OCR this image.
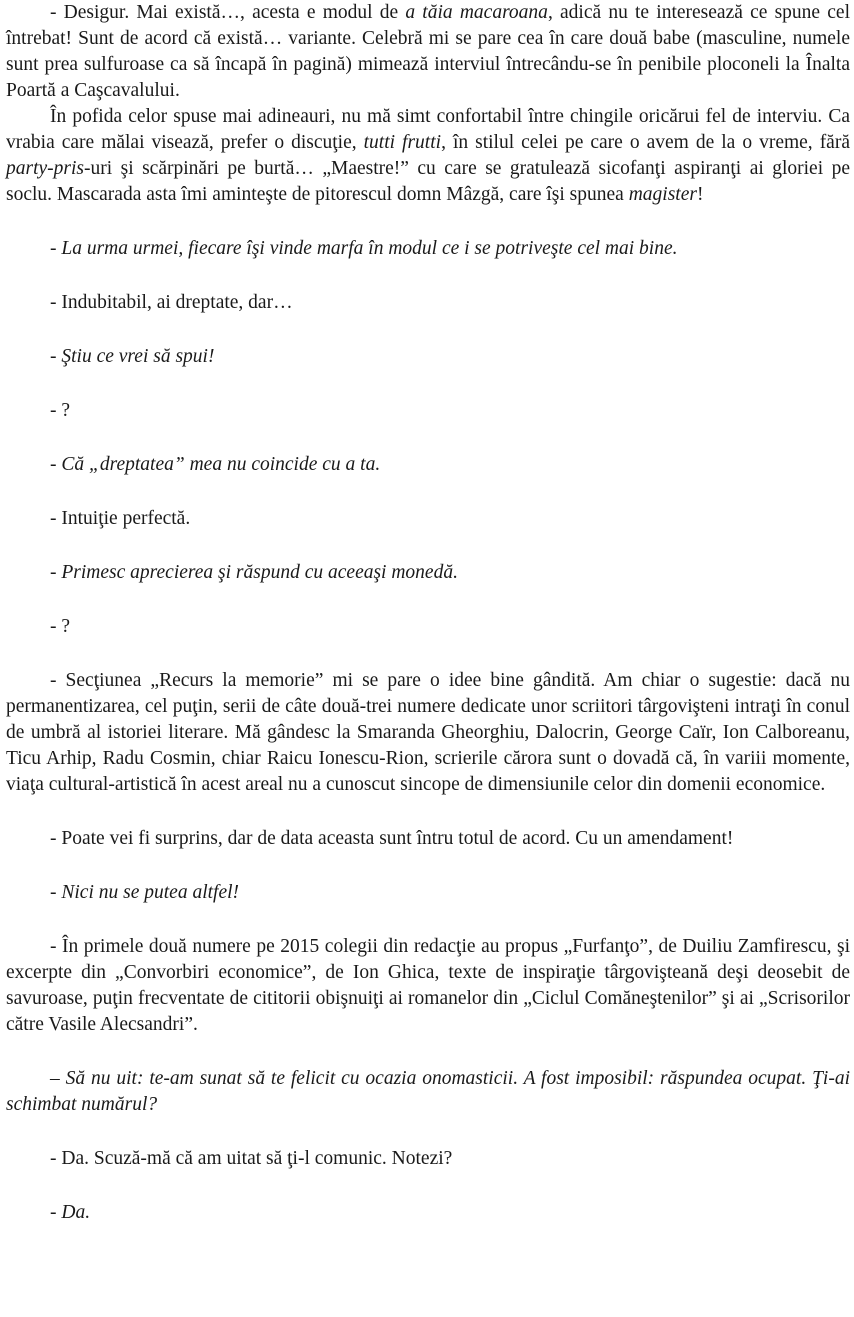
- Desigur. Mai există…, acesta e modul de a tăia macaroana, adică nu te interesează ce spune cel întrebat! Sunt de acord că există… variante. Celebră mi se pare cea în care două babe (masculine, numele sunt prea sulfuroase ca să încapă în pagină) mimează interviul întrecându-se în penibile ploconeli la Înalta Poartă a Caşcavalului.

În pofida celor spuse mai adineauri, nu mă simt confortabil între chingile oricărui fel de interviu. Ca vrabia care mălai visează, prefer o discuţie, tutti frutti, în stilul celei pe care o avem de la o vreme, fără party-pris-uri şi scărpinări pe burtă… „Maestre!” cu care se gratulează sicofanţi aspiranţi ai gloriei pe soclu. Mascarada asta îmi aminteşte de pitorescul domn Mâzgă, care îşi spunea magister!

- La urma urmei, fiecare îşi vinde marfa în modul ce i se potriveşte cel mai bine.

- Indubitabil, ai dreptate, dar…

- Ştiu ce vrei să spui!

- ?

- Că „dreptatea” mea nu coincide cu a ta.

- Intuiţie perfectă.

- Primesc aprecierea şi răspund cu aceeaşi monedă.

- ?

- Secţiunea „Recurs la memorie” mi se pare o idee bine gândită. Am chiar o sugestie: dacă nu permanentizarea, cel puţin, serii de câte două-trei numere dedicate unor scriitori târgovişteni intraţi în conul de umbră al istoriei literare. Mă gândesc la Smaranda Gheorghiu, Dalocrin, George Caïr, Ion Calboreanu, Ticu Arhip, Radu Cosmin, chiar Raicu Ionescu-Rion, scrierile cărora sunt o dovadă că, în variii momente, viaţa cultural-artistică în acest areal nu a cunoscut sincope de dimensiunile celor din domenii economice.

- Poate vei fi surprins, dar de data aceasta sunt întru totul de acord. Cu un amendament!

- Nici nu se putea altfel!

- În primele două numere pe 2015 colegii din redacţie au propus „Furfanţo”, de Duiliu Zamfirescu, şi excerpte din „Convorbiri economice”, de Ion Ghica, texte de inspiraţie târgovişteană deşi deosebit de savuroase, puţin frecventate de cititorii obişnuiţi ai romanelor din „Ciclul Comăneştenilor” şi ai „Scrisorilor către Vasile Alecsandri”.

– Să nu uit: te-am sunat să te felicit cu ocazia onomasticii. A fost imposibil: răspundea ocupat. Ţi-ai schimbat numărul?

- Da. Scuză-mă că am uitat să ţi-l comunic. Notezi?

- Da.
